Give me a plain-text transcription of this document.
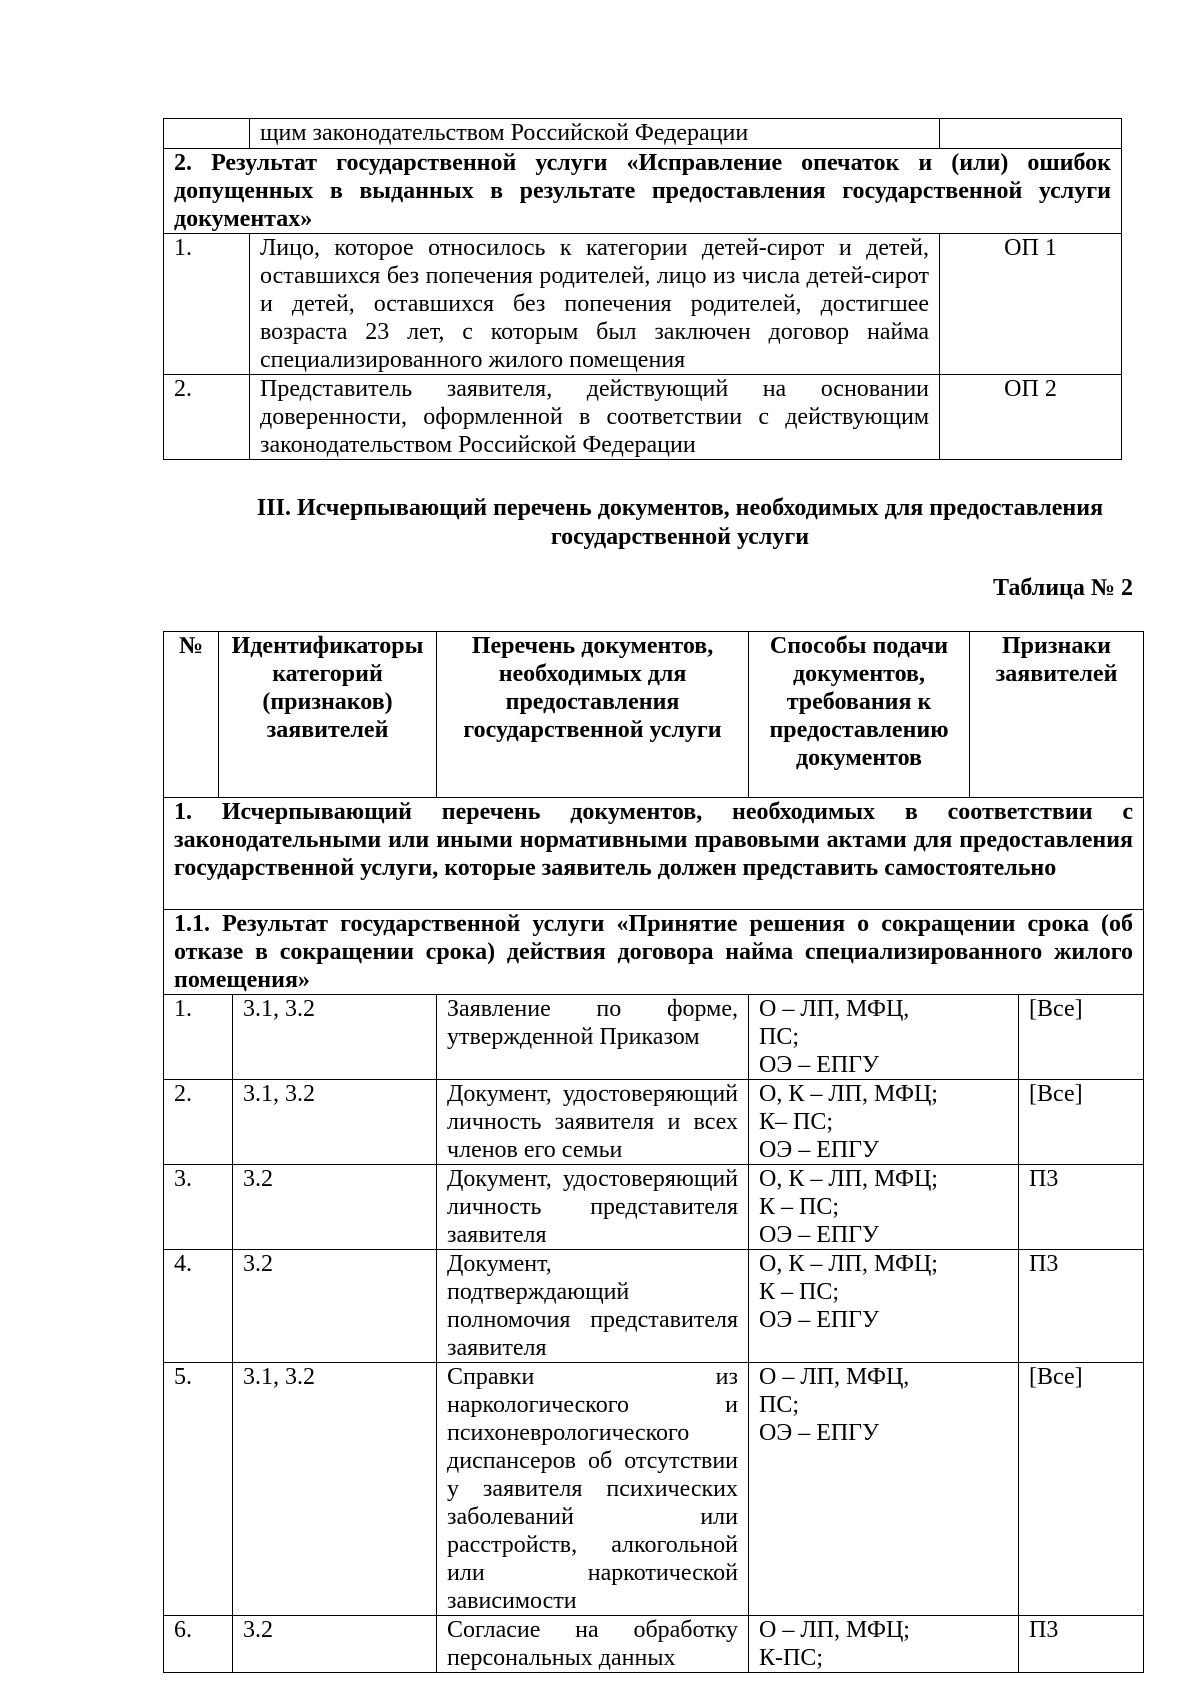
	щим законодательством Российской Федерации	
2. Результат государственной услуги «Исправление опечаток и (или) ошибок допущенных в выданных в результате предоставления государственной услуги документах»		
1.	Лицо, которое относилось к категории детей-сирот и детей, оставшихся без попечения родителей, лицо из числа детей-сирот и детей, оставшихся без попечения родителей, достигшее возраста 23 лет, с которым был заключен договор найма специализированного жилого помещения	ОП 1
2.	Представитель заявителя, действующий на основании доверенности, оформленной в соответствии с действующим законодательством Российской Федерации	ОП 2
III. Исчерпывающий перечень документов, необходимых для предоставления государственной услуги
Таблица № 2
№	Идентификаторы категорий (признаков) заявителей		Перечень документов, необходимых для предоставления государственной услуги	Способы подачи документов, требования к предоставлению документов	Признаки заявителей	
1. Исчерпывающий перечень документов, необходимых в соответствии с законодательными или иными нормативными правовыми актами для предоставления государственной услуги, которые заявитель должен представить самостоятельно						
1.1. Результат государственной услуги «Принятие решения о сокращении срока (об отказе в сокращении срока) действия договора найма специализированного жилого помещения»						
1.		3.1, 3.2	Заявление по форме, утвержденной Приказом	О – ЛП, МФЦ,
ПС;
ОЭ – ЕПГУ		[Все]
2.		3.1, 3.2	Документ, удостоверяющий личность заявителя и всех членов его семьи	О, К – ЛП, МФЦ;
К– ПС;
ОЭ – ЕПГУ		[Все]
3.		3.2	Документ, удостоверяющий личность представителя заявителя	О, К – ЛП, МФЦ;
К – ПС;
ОЭ – ЕПГУ		П3
4.		3.2	Документ, подтверждающий полномочия представителя заявителя	О, К – ЛП, МФЦ;
К – ПС;
ОЭ – ЕПГУ		П3
5.		3.1, 3.2	Справки из наркологического и психоневрологического диспансеров об отсутствии у заявителя психических заболеваний или расстройств, алкогольной или наркотической зависимости	О – ЛП, МФЦ,
ПС;
ОЭ – ЕПГУ		[Все]
6.		3.2	Согласие на обработку персональных данных	О – ЛП, МФЦ;
К-ПС;		П3
